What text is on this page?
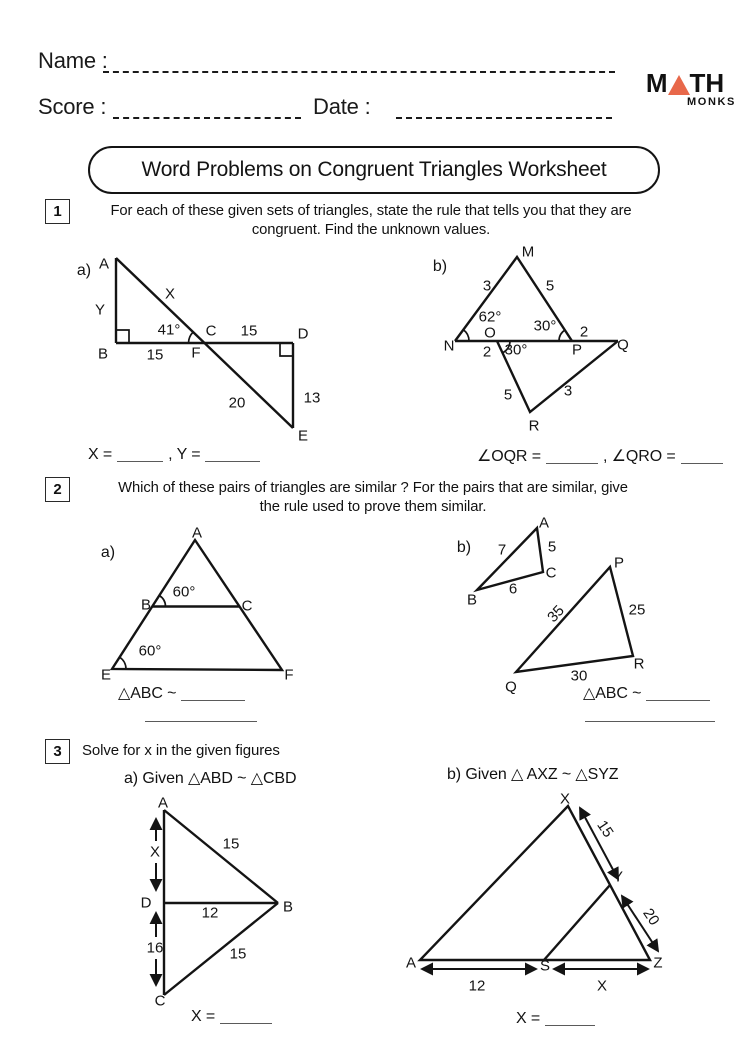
Name :
M TH
MONKS
Score :	Date :
Word Problems on Congruent Triangles Worksheet
1	For each of these given sets of triangles, state the rule that tells you that they are
congruent. Find the unknown values.
2	Which of these pairs of triangles are similar ? For the pairs that are similar, give
the rule used to prove them similar.
3	Solve for x in the given figures
a) Given △ABD ~ △CBD	b) Given △ AXZ ~ △SYZ
a) A
X
Y
41° C 15	D
B	15 F
20	13
E
b)
M
3	5
62°
O	30° 2
N 2 30°	P Q
5	3
R
a)
A
B
60°
C
60°
E	F
b)
A
7	5
C
B
6
P
35	25
Q
30
R
A
X	15
D
12	B
16	15
C
X
15
Y
20
A	S	Z
12	X
X =	, Y =	∠OQR =	, ∠QRO =
△ABC ~	△ABC ~
X =	X =
